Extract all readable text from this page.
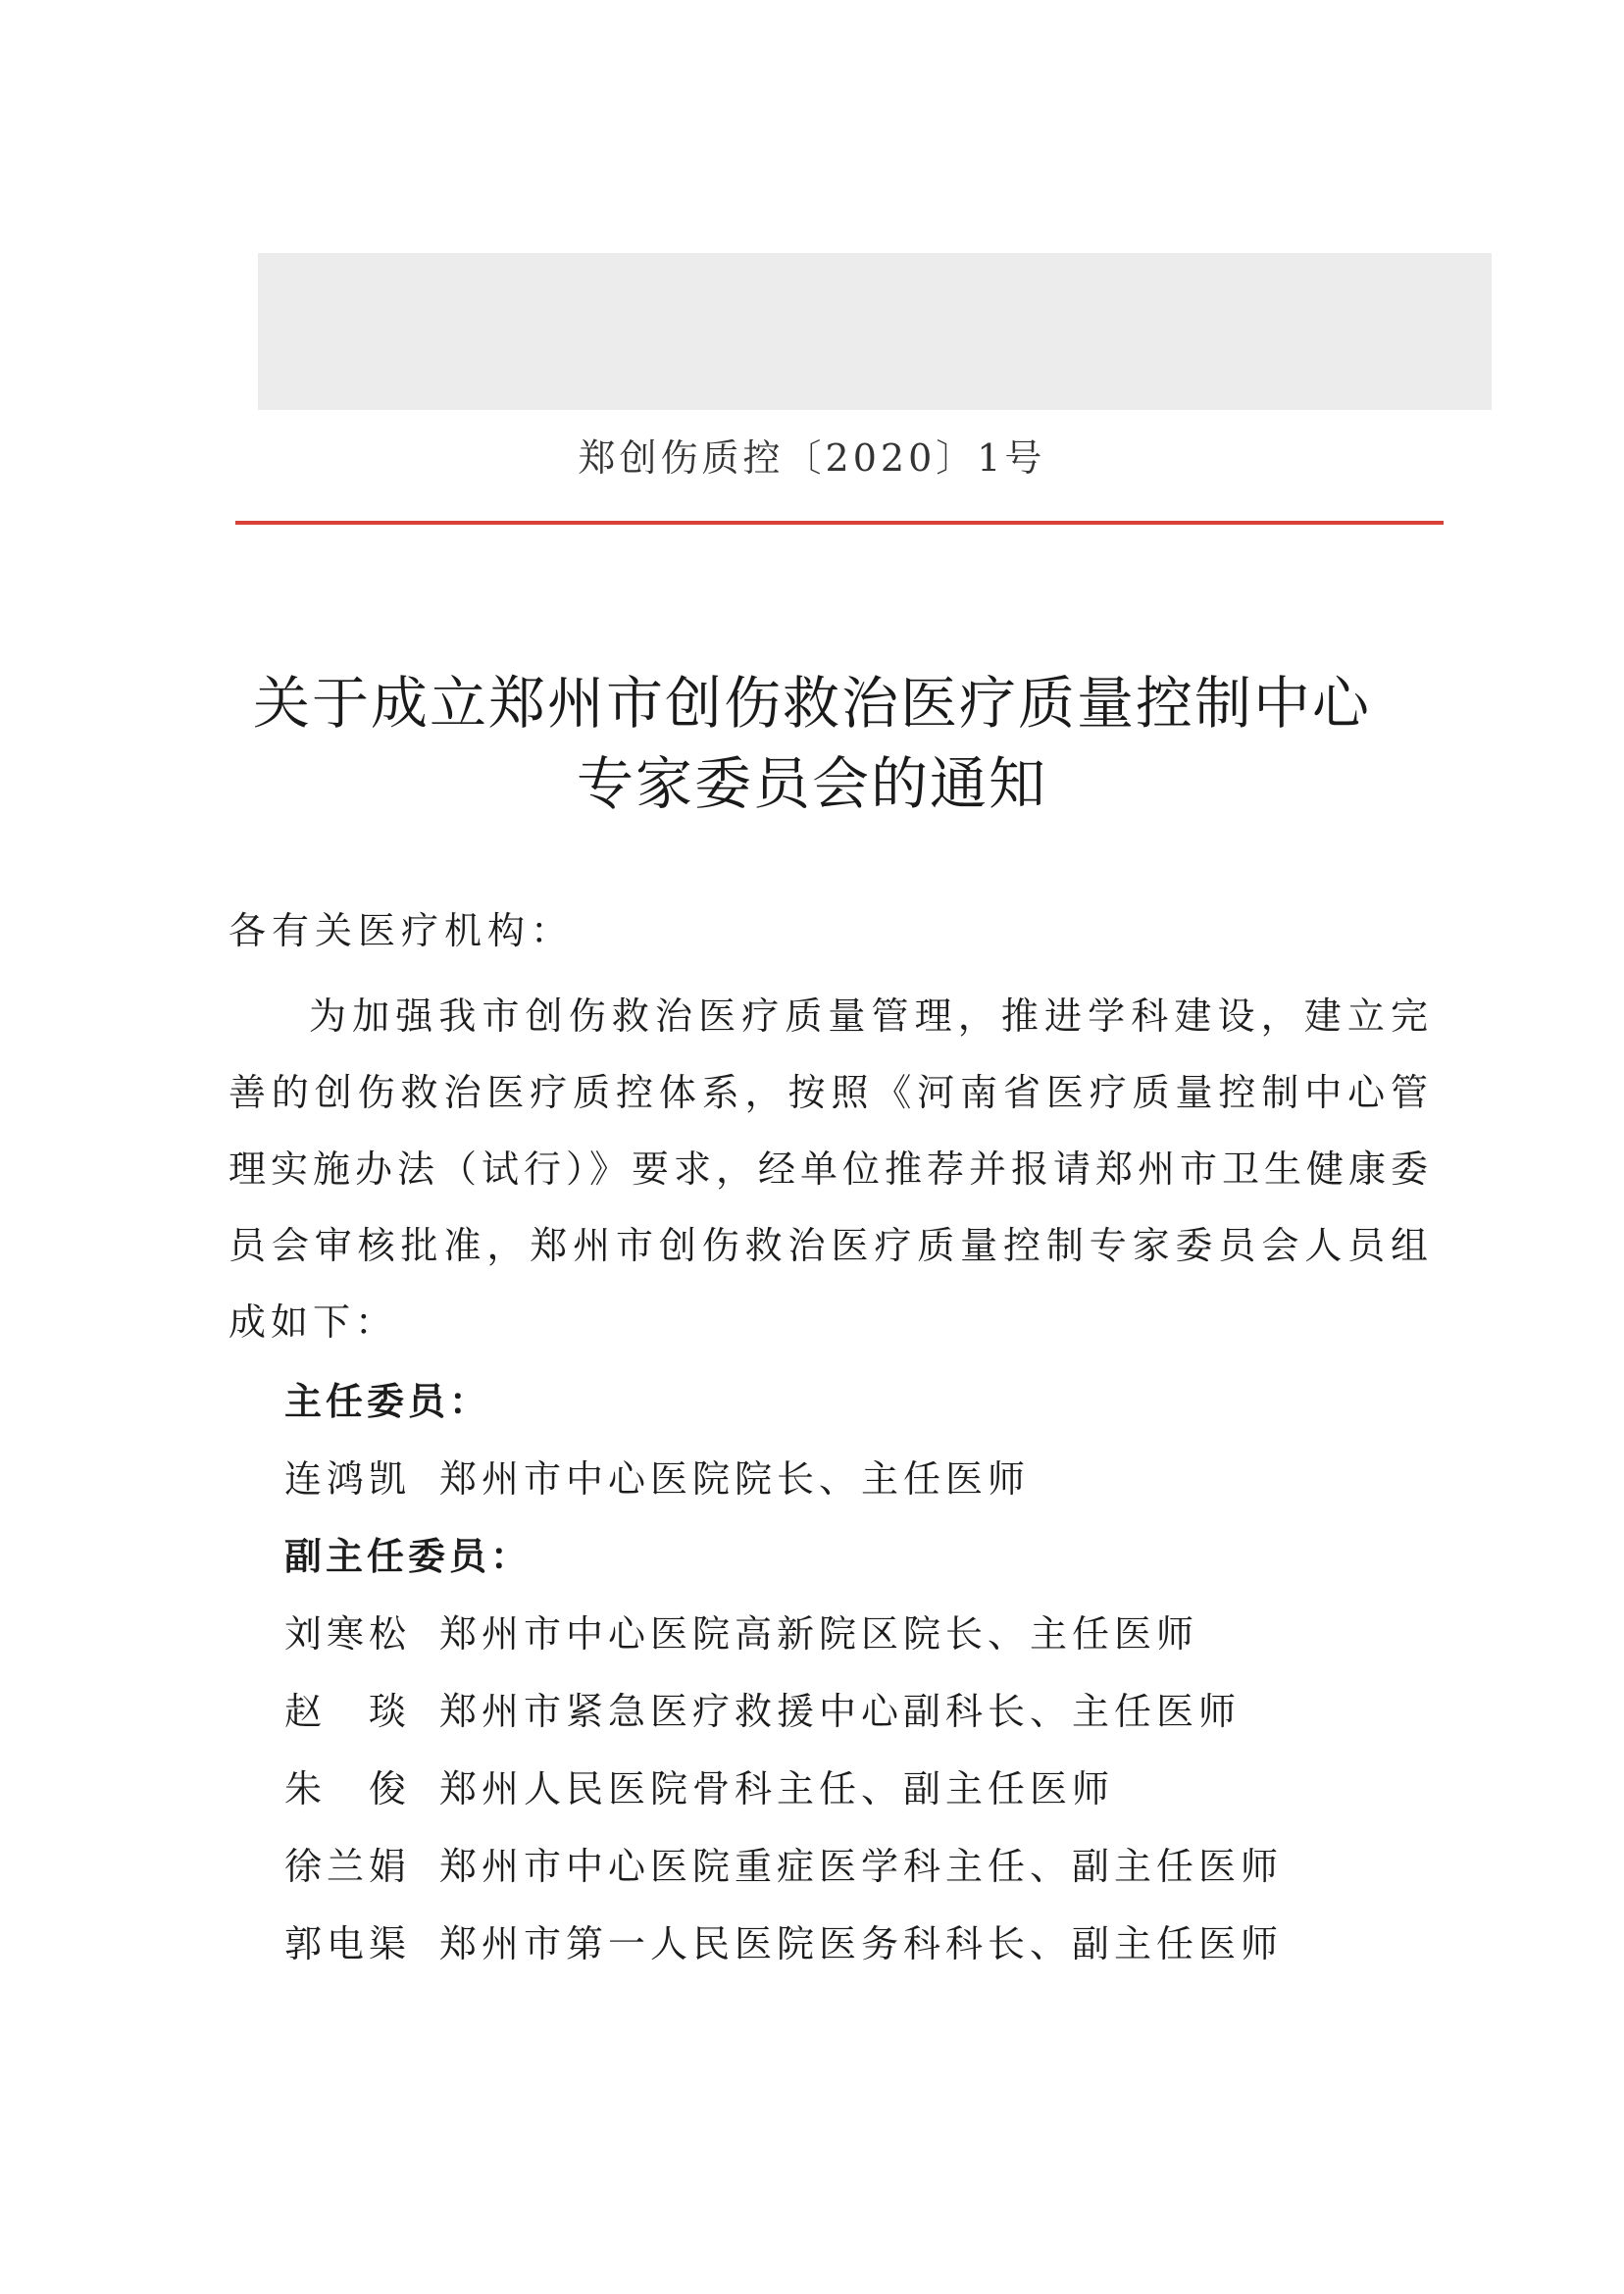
郑创伤质控〔2020〕1号
关于成立郑州市创伤救治医疗质量控制中心
专家委员会的通知
各有关医疗机构：
为加强我市创伤救治医疗质量管理，推进学科建设，建立完善的创伤救治医疗质控体系，按照《河南省医疗质量控制中心管理实施办法（试行）》要求，经单位推荐并报请郑州市卫生健康委员会审核批准，郑州市创伤救治医疗质量控制专家委员会人员组成如下：
主任委员：
连鸿凯 郑州市中心医院院长、主任医师
副主任委员：
刘寒松 郑州市中心医院高新院区院长、主任医师
赵　琰 郑州市紧急医疗救援中心副科长、主任医师
朱　俊 郑州人民医院骨科主任、副主任医师
徐兰娟 郑州市中心医院重症医学科主任、副主任医师
郭电渠 郑州市第一人民医院医务科科长、副主任医师
